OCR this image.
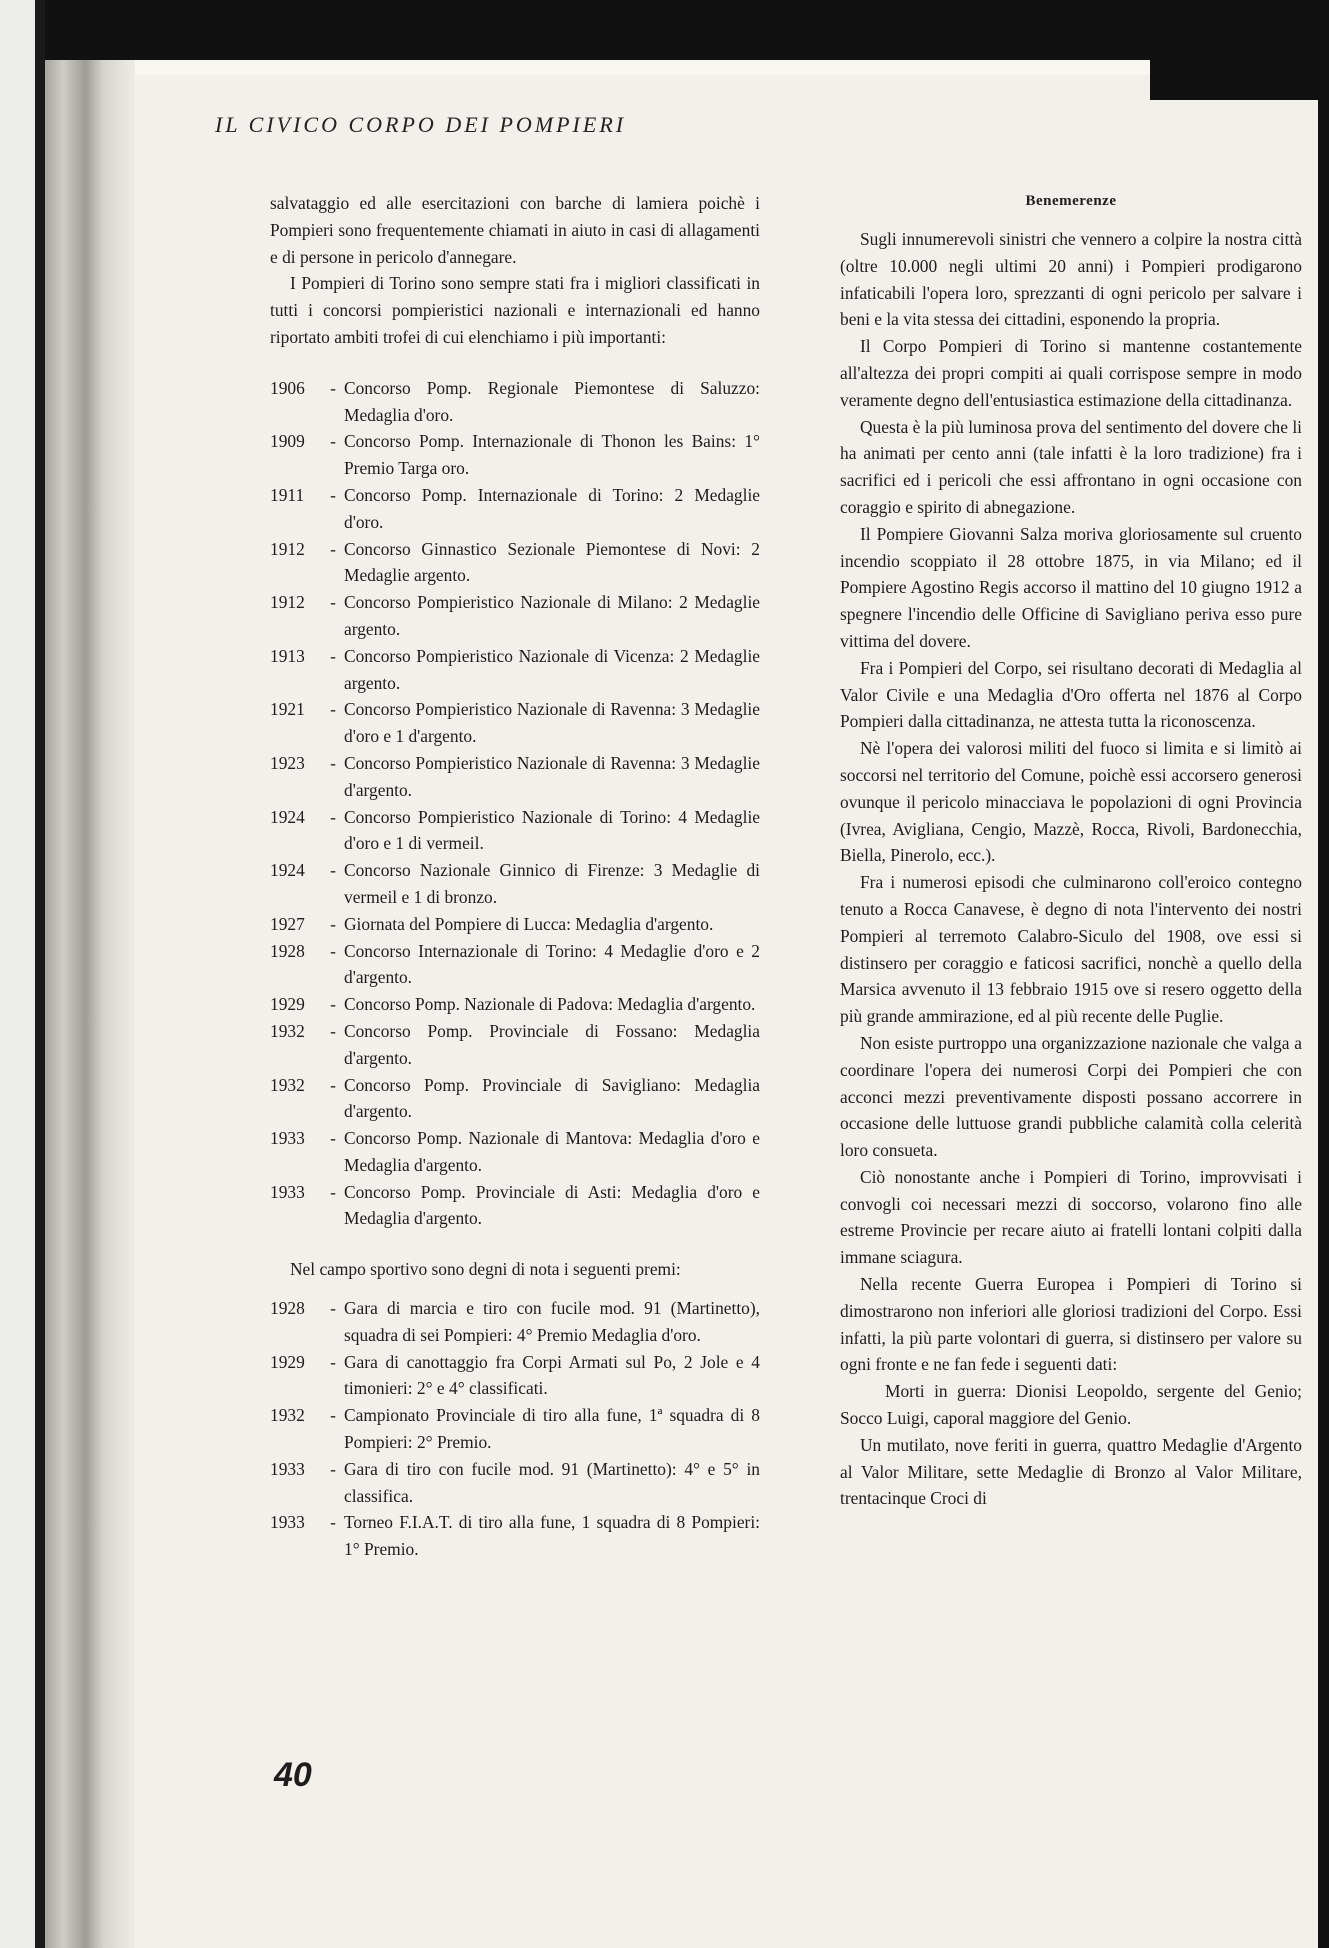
IL CIVICO CORPO DEI POMPIERI

salvataggio ed alle esercitazioni con barche di lamiera poichè i Pompieri sono frequentemente chiamati in aiuto in casi di allagamenti e di persone in pericolo d'annegare.

I Pompieri di Torino sono sempre stati fra i migliori classificati in tutti i concorsi pompieristici nazionali e internazionali ed hanno riportato ambiti trofei di cui elenchiamo i più importanti:

1906	- Concorso Pomp. Regionale Piemontese di Saluzzo: Medaglia d'oro.
1909	- Concorso Pomp. Internazionale di Thonon les Bains: 1° Premio Targa oro.
1911	- Concorso Pomp. Internazionale di Torino: 2 Medaglie d'oro.
1912	- Concorso Ginnastico Sezionale Piemontese di Novi: 2 Medaglie argento.
1912	- Concorso Pompieristico Nazionale di Milano: 2 Medaglie argento.
1913	- Concorso Pompieristico Nazionale di Vicenza: 2 Medaglie argento.
1921	- Concorso Pompieristico Nazionale di Ravenna: 3 Medaglie d'oro e 1 d'argento.
1923	- Concorso Pompieristico Nazionale di Ravenna: 3 Medaglie d'argento.
1924	- Concorso Pompieristico Nazionale di Torino: 4 Medaglie d'oro e 1 di vermeil.
1924	- Concorso Nazionale Ginnico di Firenze: 3 Medaglie di vermeil e 1 di bronzo.
1927	- Giornata del Pompiere di Lucca: Medaglia d'argento.
1928	- Concorso Internazionale di Torino: 4 Medaglie d'oro e 2 d'argento.
1929	- Concorso Pomp. Nazionale di Padova: Medaglia d'argento.
1932	- Concorso Pomp. Provinciale di Fossano: Medaglia d'argento.
1932	- Concorso Pomp. Provinciale di Savigliano: Medaglia d'argento.
1933	- Concorso Pomp. Nazionale di Mantova: Medaglia d'oro e Medaglia d'argento.
1933	- Concorso Pomp. Provinciale di Asti: Medaglia d'oro e Medaglia d'argento.

Nel campo sportivo sono degni di nota i seguenti premi:

1928	- Gara di marcia e tiro con fucile mod. 91 (Martinetto), squadra di sei Pompieri: 4° Premio Medaglia d'oro.
1929	- Gara di canottaggio fra Corpi Armati sul Po, 2 Jole e 4 timonieri: 2° e 4° classificati.
1932	- Campionato Provinciale di tiro alla fune, 1ª squadra di 8 Pompieri: 2° Premio.
1933	- Gara di tiro con fucile mod. 91 (Martinetto): 4° e 5° in classifica.
1933	- Torneo F.I.A.T. di tiro alla fune, 1 squadra di 8 Pompieri: 1° Premio.
Benemerenze

Sugli innumerevoli sinistri che vennero a colpire la nostra città (oltre 10.000 negli ultimi 20 anni) i Pompieri prodigarono infaticabili l'opera loro, sprezzanti di ogni pericolo per salvare i beni e la vita stessa dei cittadini, esponendo la propria.

Il Corpo Pompieri di Torino si mantenne costantemente all'altezza dei propri compiti ai quali corrispose sempre in modo veramente degno dell'entusiastica estimazione della cittadinanza.

Questa è la più luminosa prova del sentimento del dovere che li ha animati per cento anni (tale infatti è la loro tradizione) fra i sacrifici ed i pericoli che essi affrontano in ogni occasione con coraggio e spirito di abnegazione.

Il Pompiere Giovanni Salza moriva gloriosamente sul cruento incendio scoppiato il 28 ottobre 1875, in via Milano; ed il Pompiere Agostino Regis accorso il mattino del 10 giugno 1912 a spegnere l'incendio delle Officine di Savigliano periva esso pure vittima del dovere.

Fra i Pompieri del Corpo, sei risultano decorati di Medaglia al Valor Civile e una Medaglia d'Oro offerta nel 1876 al Corpo Pompieri dalla cittadinanza, ne attesta tutta la riconoscenza.

Nè l'opera dei valorosi militi del fuoco si limita e si limitò ai soccorsi nel territorio del Comune, poichè essi accorsero generosi ovunque il pericolo minacciava le popolazioni di ogni Provincia (Ivrea, Avigliana, Cengio, Mazzè, Rocca, Rivoli, Bardonecchia, Biella, Pinerolo, ecc.).

Fra i numerosi episodi che culminarono coll'eroico contegno tenuto a Rocca Canavese, è degno di nota l'intervento dei nostri Pompieri al terremoto Calabro-Siculo del 1908, ove essi si distinsero per coraggio e faticosi sacrifici, nonchè a quello della Marsica avvenuto il 13 febbraio 1915 ove si resero oggetto della più grande ammirazione, ed al più recente delle Puglie.

Non esiste purtroppo una organizzazione nazionale che valga a coordinare l'opera dei numerosi Corpi dei Pompieri che con acconci mezzi preventivamente disposti possano accorrere in occasione delle luttuose grandi pubbliche calamità colla celerità loro consueta.

Ciò nonostante anche i Pompieri di Torino, improvvisati i convogli coi necessari mezzi di soccorso, volarono fino alle estreme Provincie per recare aiuto ai fratelli lontani colpiti dalla immane sciagura.

Nella recente Guerra Europea i Pompieri di Torino si dimostrarono non inferiori alle gloriosi tradizioni del Corpo. Essi infatti, la più parte volontari di guerra, si distinsero per valore su ogni fronte e ne fan fede i seguenti dati:

Morti in guerra: Dionisi Leopoldo, sergente del Genio; Socco Luigi, caporal maggiore del Genio.

Un mutilato, nove feriti in guerra, quattro Medaglie d'Argento al Valor Militare, sette Medaglie di Bronzo al Valor Militare, trentacinque Croci di

40
